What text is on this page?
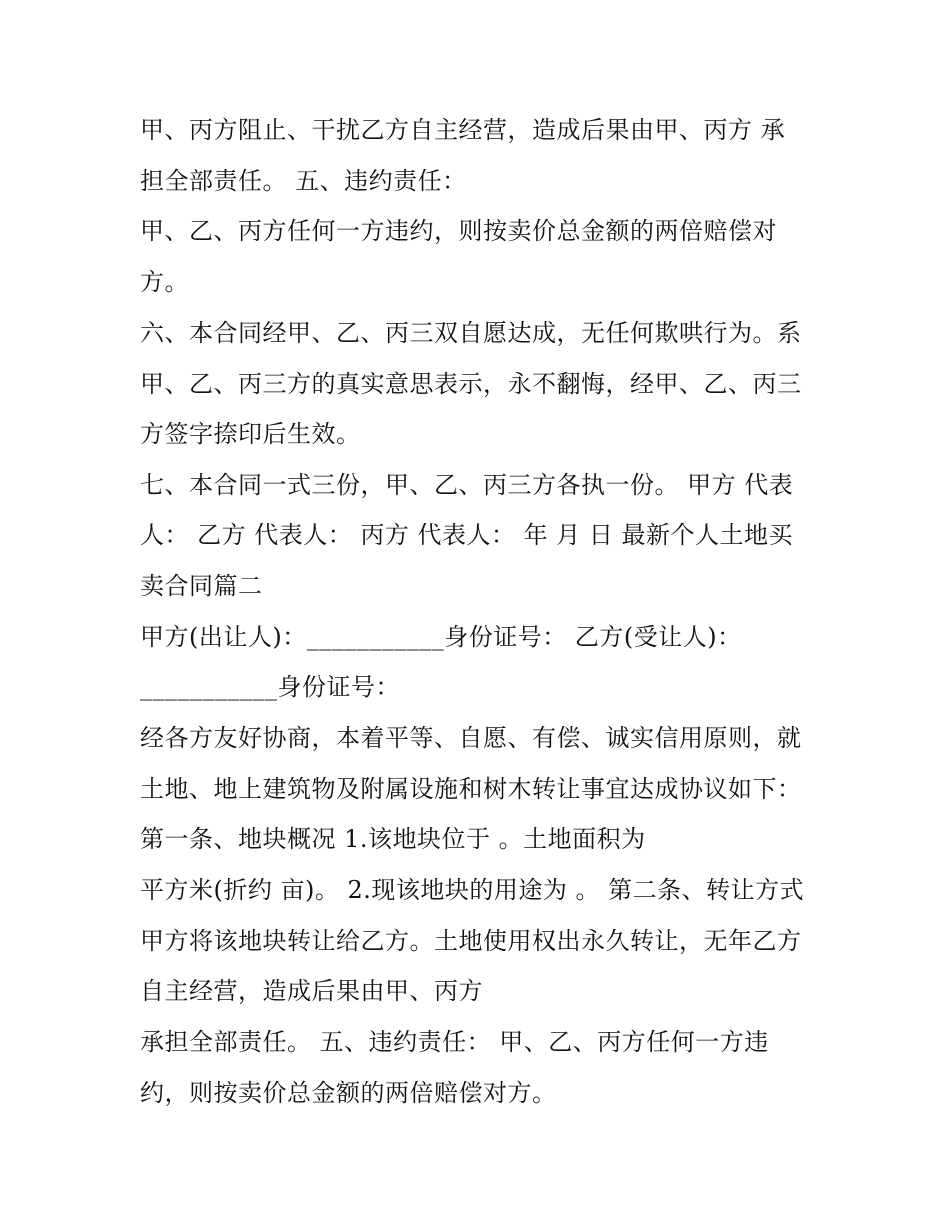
甲、丙方阻止、干扰乙方自主经营，造成后果由甲、丙方 承
担全部责任。 五、违约责任：
甲、乙、丙方任何一方违约，则按卖价总金额的两倍赔偿对
方。
六、本合同经甲、乙、丙三双自愿达成，无任何欺哄行为。系
甲、乙、丙三方的真实意思表示，永不翻悔，经甲、乙、丙三
方签字捺印后生效。
七、本合同一式三份，甲、乙、丙三方各执一份。 甲方 代表
人： 乙方 代表人： 丙方 代表人： 年 月 日 最新个人土地买
卖合同篇二
甲方(出让人)：___________身份证号： 乙方(受让人)：
___________身份证号：
经各方友好协商，本着平等、自愿、有偿、诚实信用原则，就
土地、地上建筑物及附属设施和树木转让事宜达成协议如下：
第一条、地块概况 1.该地块位于 。土地面积为
平方米(折约 亩)。 2.现该地块的用途为 。 第二条、转让方式
甲方将该地块转让给乙方。土地使用权出永久转让，无年乙方
自主经营，造成后果由甲、丙方
承担全部责任。 五、违约责任： 甲、乙、丙方任何一方违
约，则按卖价总金额的两倍赔偿对方。
